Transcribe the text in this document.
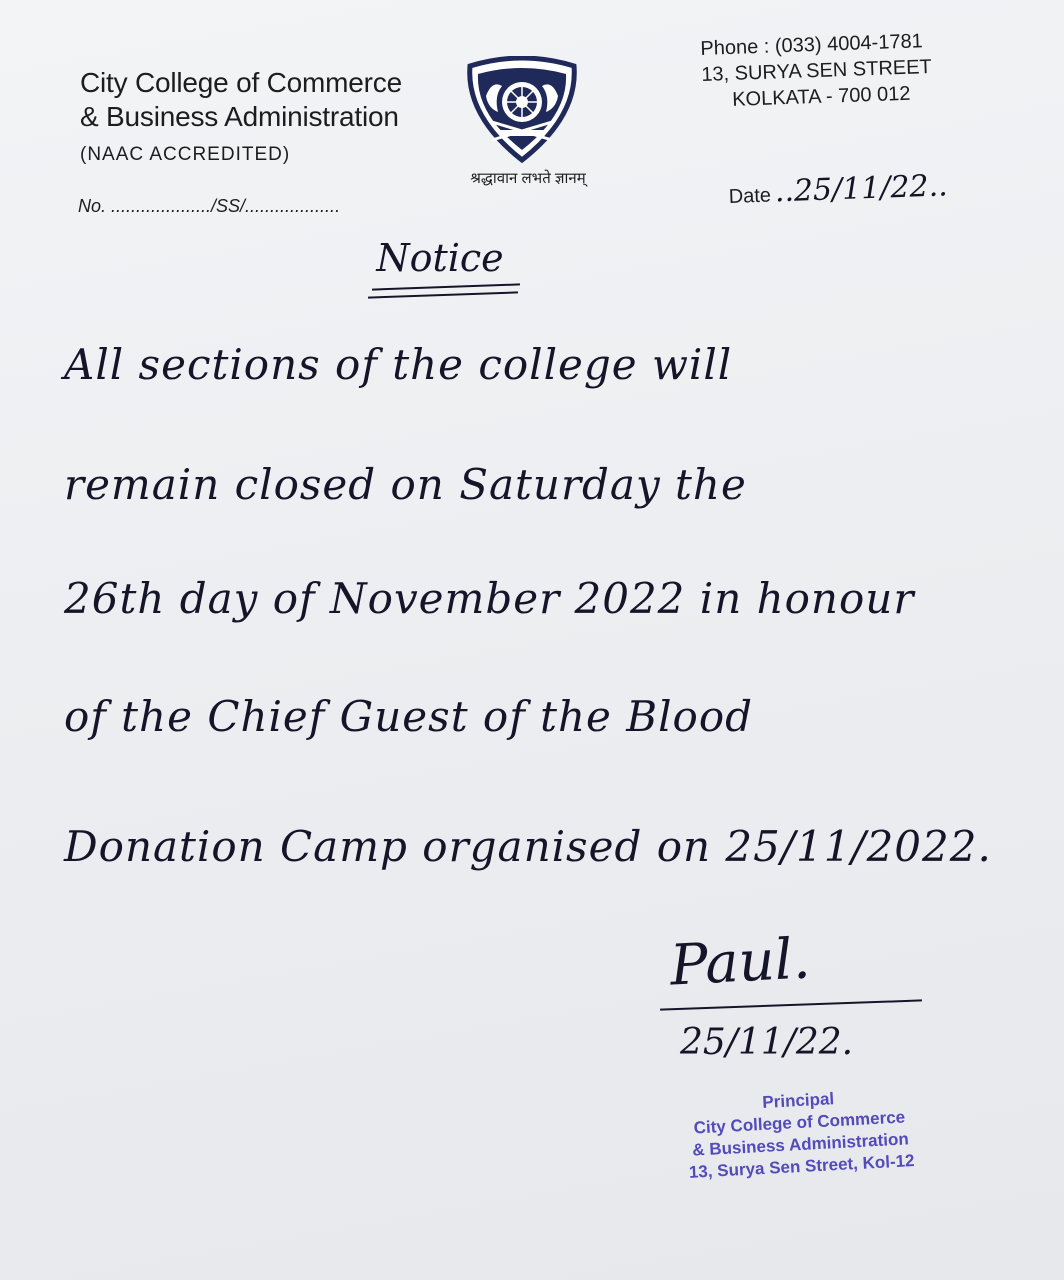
City College of Commerce
& Business Administration
(NAAC ACCREDITED)
No. ..................../SS/...................
श्रद्धावान लभते ज्ञानम्
Phone : (033) 4004-1781
13, SURYA SEN STREET
KOLKATA - 700 012
Date..25/11/22..
Notice
All sections of the college will
remain closed on Saturday the
26th day of November 2022 in honour
of the Chief Guest of the Blood
Donation Camp organised on 25/11/2022.
Paul.
25/11/22.
Principal
City College of Commerce
& Business Administration
13, Surya Sen Street, Kol-12
